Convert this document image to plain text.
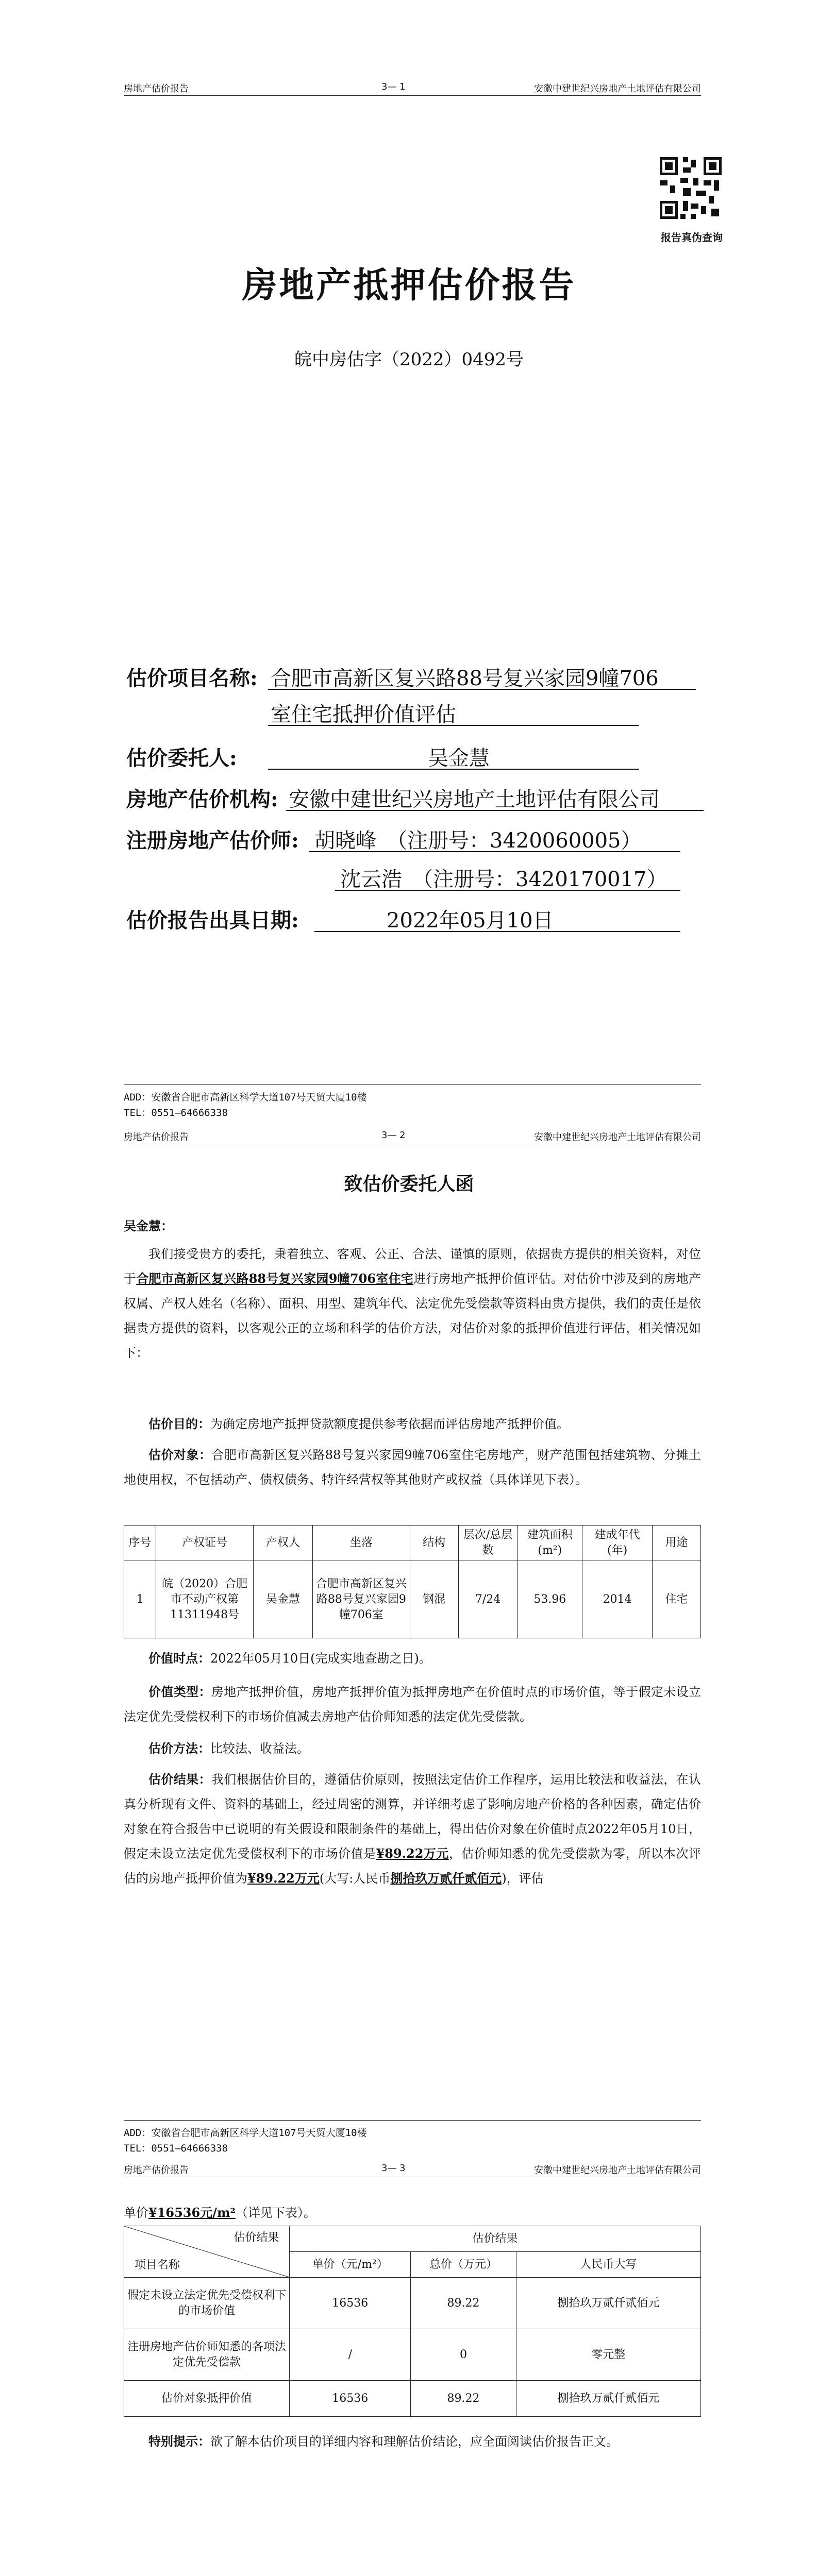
房地产估价报告	3— 1	安徽中建世纪兴房地产土地评估有限公司
报告真伪查询
房地产抵押估价报告
皖中房估字（2022）0492号
估价项目名称: 合肥市高新区复兴路88号复兴家园9幢706
室住宅抵押价值评估
估价委托人:	吴金慧
房地产估价机构: 安徽中建世纪兴房地产土地评估有限公司
注册房地产估价师: 胡晓峰　（注册号：3420060005）
沈云浩　（注册号：3420170017）
估价报告出具日期:	2022年05月10日
ADD：安徽省合肥市高新区科学大道107号天贸大厦10楼
TEL：0551—64666338
房地产估价报告	3— 2	安徽中建世纪兴房地产土地评估有限公司
致估价委托人函
吴金慧：
我们接受贵方的委托，秉着独立、客观、公正、合法、谨慎的原则，依据贵方提供的相关资料，对位于合肥市高新区复兴路88号复兴家园9幢706室住宅进行房地产抵押价值评估。对估价中涉及到的房地产权属、产权人姓名（名称）、面积、用型、建筑年代、法定优先受偿款等资料由贵方提供，我们的责任是依据贵方提供的资料，以客观公正的立场和科学的估价方法，对估价对象的抵押价值进行评估，相关情况如下：
估价目的：为确定房地产抵押贷款额度提供参考依据而评估房地产抵押价值。
估价对象：合肥市高新区复兴路88号复兴家园9幢706室住宅房地产，财产范围包括建筑物、分摊土地使用权，不包括动产、债权债务、特许经营权等其他财产或权益（具体详见下表）。
序号	产权证号	产权人	坐落	结构	层次/总层数	建筑面积(m²)	建成年代(年)	用途
1	皖（2020）合肥市不动产权第11311948号	吴金慧	合肥市高新区复兴路88号复兴家园9幢706室	钢混	7/24	53.96	2014	住宅
价值时点：2022年05月10日(完成实地查勘之日)。
价值类型：房地产抵押价值，房地产抵押价值为抵押房地产在价值时点的市场价值，等于假定未设立法定优先受偿权利下的市场价值减去房地产估价师知悉的法定优先受偿款。
估价方法：比较法、收益法。
估价结果：我们根据估价目的，遵循估价原则，按照法定估价工作程序，运用比较法和收益法，在认真分析现有文件、资料的基础上，经过周密的测算，并详细考虑了影响房地产价格的各种因素，确定估价对象在符合报告中已说明的有关假设和限制条件的基础上，得出估价对象在价值时点2022年05月10日，假定未设立法定优先受偿权利下的市场价值是¥89.22万元，估价师知悉的优先受偿款为零，所以本次评估的房地产抵押价值为¥89.22万元(大写:人民币捌拾玖万贰仟贰佰元)，评估
ADD：安徽省合肥市高新区科学大道107号天贸大厦10楼
TEL：0551—64666338
房地产估价报告	3— 3	安徽中建世纪兴房地产土地评估有限公司
单价¥16536元/m²（详见下表）。
估价结果
项目名称	估价结果		
	单价（元/m²）	总价（万元）	人民币大写
假定未设立法定优先受偿权利下的市场价值	16536	89.22	捌拾玖万贰仟贰佰元
注册房地产估价师知悉的各项法定优先受偿款	/	0	零元整
估价对象抵押价值	16536	89.22	捌拾玖万贰仟贰佰元
特别提示：欲了解本估价项目的详细内容和理解估价结论，应全面阅读估价报告正文。
